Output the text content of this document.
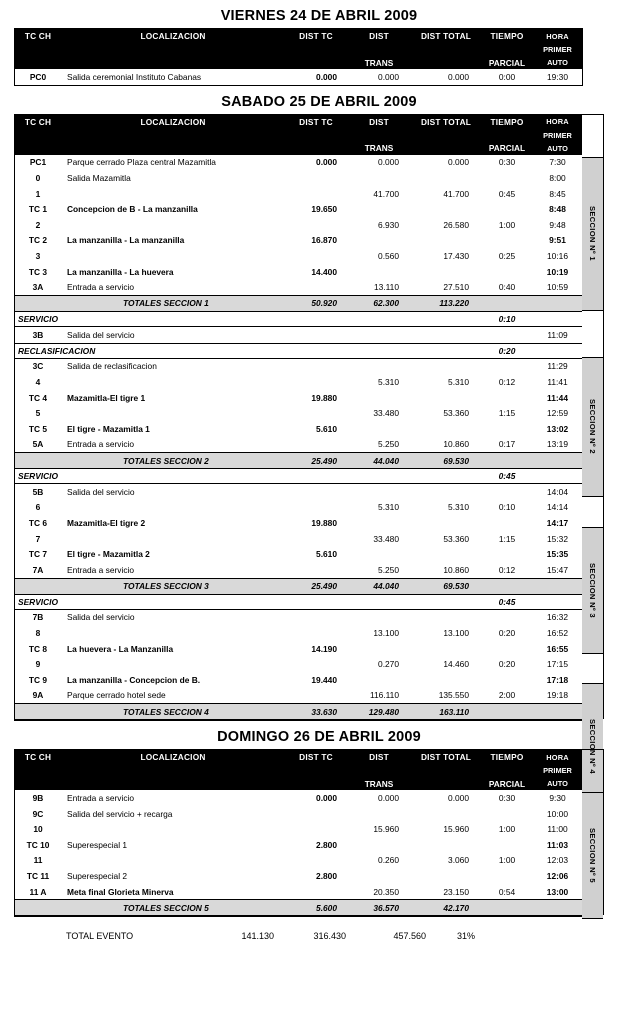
VIERNES 24 DE ABRIL 2009
TC CH	LOCALIZACION	DIST TC	DIST	DIST TOTAL	TIEMPO	HORA
						PRIMER
			TRANS		PARCIAL	AUTO
PC0	Salida ceremonial Instituto Cabanas	0.000	0.000	0.000	0:00	19:30
SABADO 25 DE ABRIL 2009
TC CH	LOCALIZACION	DIST TC	DIST	DIST TOTAL	TIEMPO	HORA
						PRIMER
			TRANS		PARCIAL	AUTO
PC1	Parque cerrado Plaza central Mazamitla	0.000	0.000	0.000	0:30	7:30
0	Salida Mazamitla					8:00
1			41.700	41.700	0:45	8:45
TC 1	Concepcion de B - La manzanilla	19.650				8:48
2			6.930	26.580	1:00	9:48
TC 2	La manzanilla - La manzanilla	16.870				9:51
3			0.560	17.430	0:25	10:16
TC 3	La manzanilla - La huevera	14.400				10:19
3A	Entrada a servicio		13.110	27.510	0:40	10:59
	TOTALES SECCION 1	50.920	62.300	113.220		
SERVICIO					0:10	
3B	Salida del servicio					11:09
RECLASIFICACION					0:20	
3C	Salida de reclasificacion					11:29
4			5.310	5.310	0:12	11:41
TC 4	Mazamitla-El tigre 1	19.880				11:44
5			33.480	53.360	1:15	12:59
TC 5	El tigre - Mazamitla 1	5.610				13:02
5A	Entrada a servicio		5.250	10.860	0:17	13:19
	TOTALES SECCION 2	25.490	44.040	69.530		
SERVICIO					0:45	
5B	Salida del servicio					14:04
6			5.310	5.310	0:10	14:14
TC 6	Mazamitla-El tigre 2	19.880				14:17
7			33.480	53.360	1:15	15:32
TC 7	El tigre - Mazamitla 2	5.610				15:35
7A	Entrada a servicio		5.250	10.860	0:12	15:47
	TOTALES SECCION 3	25.490	44.040	69.530		
SERVICIO					0:45	
7B	Salida del servicio					16:32
8			13.100	13.100	0:20	16:52
TC 8	La huevera - La Manzanilla	14.190				16:55
9			0.270	14.460	0:20	17:15
TC 9	La manzanilla - Concepcion de B.	19.440				17:18
9A	Parque cerrado hotel sede		116.110	135.550	2:00	19:18
	TOTALES SECCION 4	33.630	129.480	163.110		
SECCION Nº 1
SECCION Nº 2
SECCION Nº 3
SECCION Nº 4
DOMINGO 26 DE ABRIL 2009
TC CH	LOCALIZACION	DIST TC	DIST	DIST TOTAL	TIEMPO	HORA
						PRIMER
			TRANS		PARCIAL	AUTO
9B	Entrada a servicio	0.000	0.000	0.000	0:30	9:30
9C	Salida del servicio + recarga					10:00
10			15.960	15.960	1:00	11:00
TC 10	Superespecial 1	2.800				11:03
11			0.260	3.060	1:00	12:03
TC 11	Superespecial 2	2.800				12:06
11 A	Meta final Glorieta Minerva		20.350	23.150	0:54	13:00
	TOTALES SECCION 5	5.600	36.570	42.170		
SECCION Nº 5
TOTAL EVENTO	141.130	316.430	457.560	31%
